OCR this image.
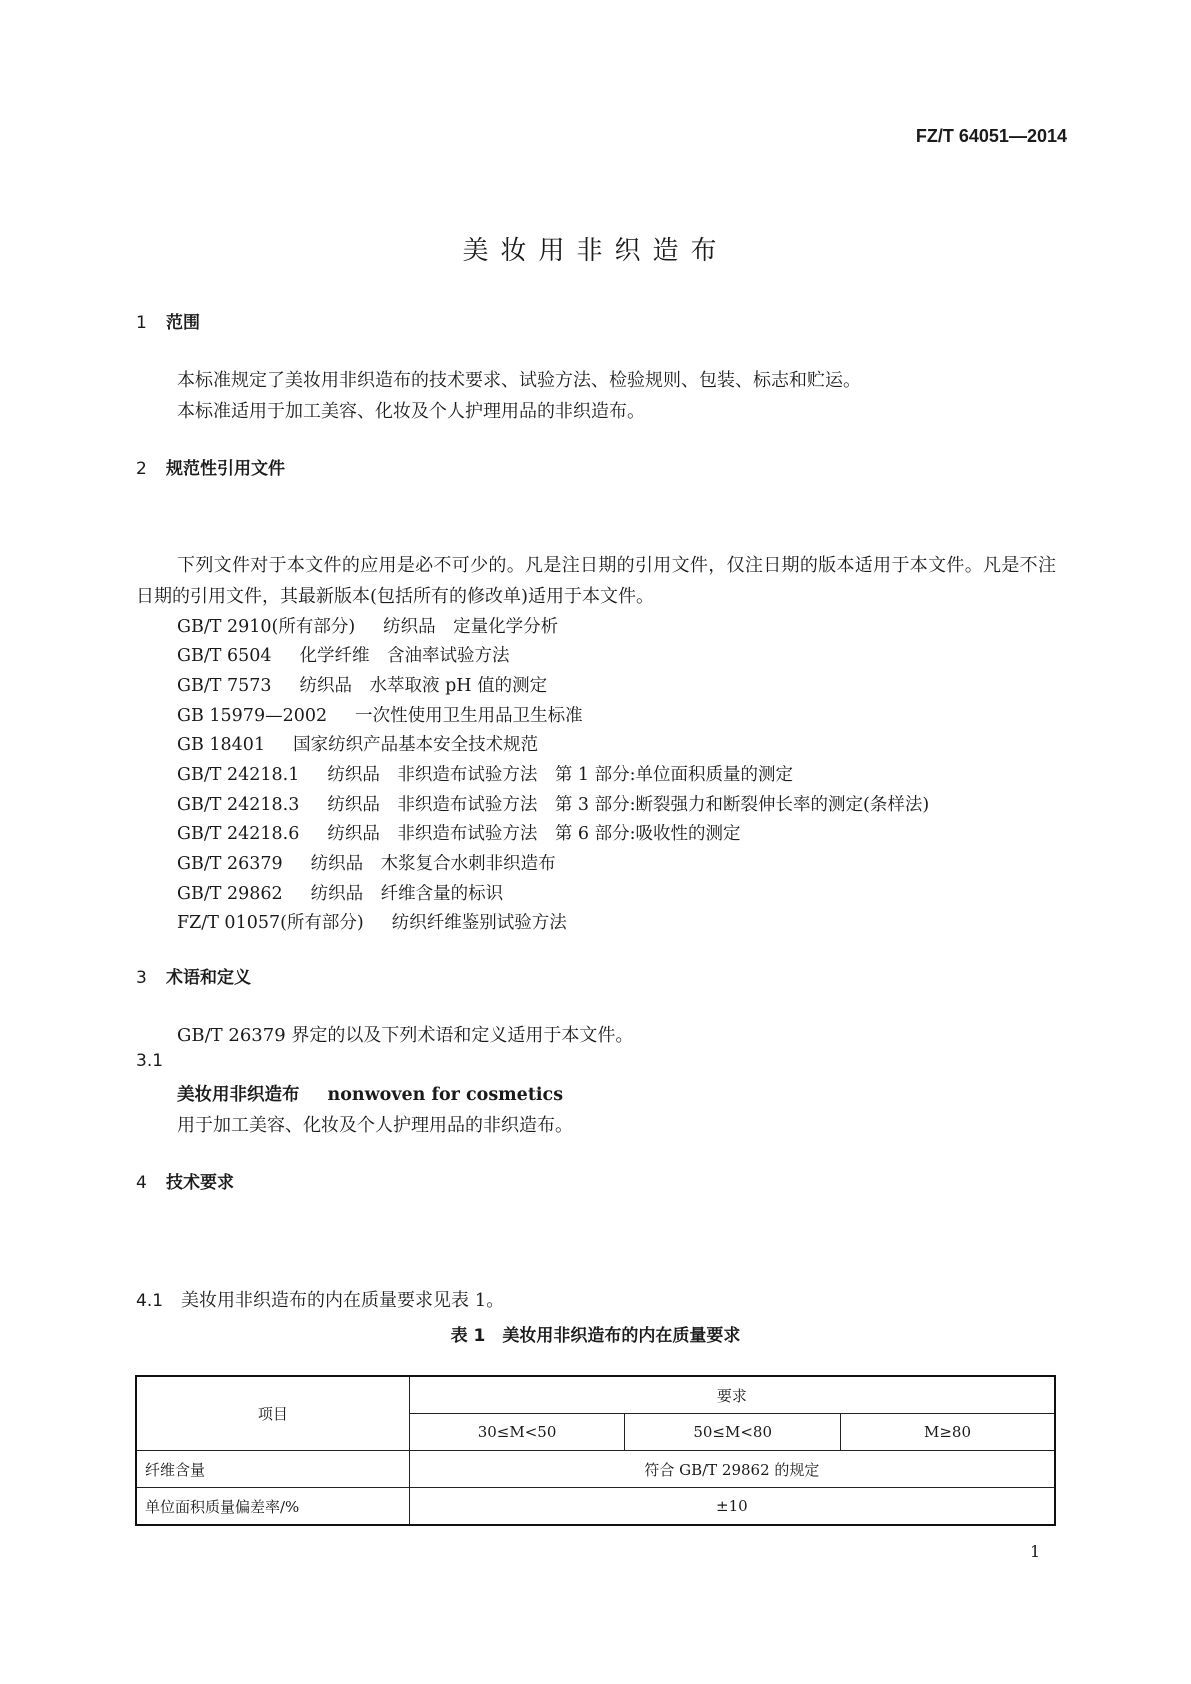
FZ/T 64051—2014
美妆用非织造布
1 范围
本标准规定了美妆用非织造布的技术要求、试验方法、检验规则、包装、标志和贮运。
本标准适用于加工美容、化妆及个人护理用品的非织造布。
2 规范性引用文件
下列文件对于本文件的应用是必不可少的。凡是注日期的引用文件，仅注日期的版本适用于本文件。凡是不注日期的引用文件，其最新版本(包括所有的修改单)适用于本文件。
GB/T 2910(所有部分) 纺织品　定量化学分析
GB/T 6504 化学纤维　含油率试验方法
GB/T 7573 纺织品　水萃取液 pH 值的测定
GB 15979—2002 一次性使用卫生用品卫生标准
GB 18401 国家纺织产品基本安全技术规范
GB/T 24218.1 纺织品　非织造布试验方法　第 1 部分:单位面积质量的测定
GB/T 24218.3 纺织品　非织造布试验方法　第 3 部分:断裂强力和断裂伸长率的测定(条样法)
GB/T 24218.6 纺织品　非织造布试验方法　第 6 部分:吸收性的测定
GB/T 26379 纺织品　木浆复合水刺非织造布
GB/T 29862 纺织品　纤维含量的标识
FZ/T 01057(所有部分) 纺织纤维鉴别试验方法
3 术语和定义
GB/T 26379 界定的以及下列术语和定义适用于本文件。
3.1
美妆用非织造布 nonwoven for cosmetics
用于加工美容、化妆及个人护理用品的非织造布。
4 技术要求
4.1 美妆用非织造布的内在质量要求见表 1。
表 1　美妆用非织造布的内在质量要求
项目	要求		
	30≤M<50	50≤M<80	M≥80
纤维含量	符合 GB/T 29862 的规定		
单位面积质量偏差率/%	±10		
1
